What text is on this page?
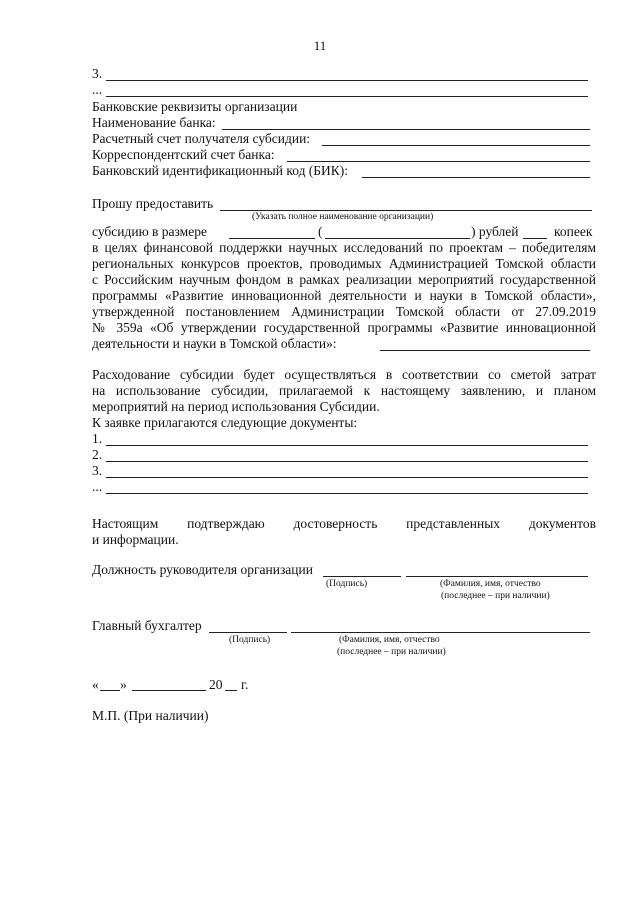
11
3.
...
Банковские реквизиты организации
Наименование банка:
Расчетный счет получателя субсидии:
Корреспондентский счет банка:
Банковский идентификационный код (БИК):
Прошу предоставить
(Указать полное наименование организации)
субсидию в размере	(	) рублей	копеек
в целях финансовой поддержки научных исследований по проектам – победителям
региональных конкурсов проектов, проводимых Администрацией Томской области
с Российским научным фондом в рамках реализации мероприятий государственной
программы «Развитие инновационной деятельности и науки в Томской области»,
утвержденной постановлением Администрации Томской области от 27.09.2019
№ 359а «Об утверждении государственной программы «Развитие инновационной
деятельности и науки в Томской области»:
Расходование субсидии будет осуществляться в соответствии со сметой затрат
на использование субсидии, прилагаемой к настоящему заявлению, и планом
мероприятий на период использования Субсидии.
К заявке прилагаются следующие документы:
1.
2.
3.
...
Настоящим подтверждаю достоверность представленных документов
и информации.
Должность руководителя организации
(Подпись)	(Фамилия, имя, отчество
(последнее – при наличии)
Главный бухгалтер
(Подпись)	(Фамилия, имя, отчество
(последнее – при наличии)
« »	20 г.
М.П. (При наличии)
